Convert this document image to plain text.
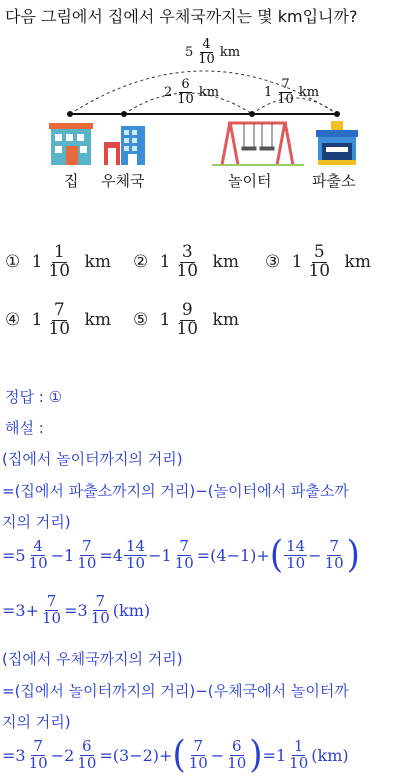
다음 그림에서 집에서 우체국까지는 몇 km입니까?
$5 \frac{4}{10}$ km
$2 \frac{6}{10}$ km	$1 \frac{7}{10}$ km
집 우체국	놀이터	파출소
①
$1 \frac{1}{10}$
km ②
$1 \frac{3}{10}$
km ③
$1 \frac{5}{10}$
km
④
$1 \frac{7}{10}$
km ⑤
$1 \frac{9}{10}$
km
정답 : ①
해설 :
(집에서 놀이터까지의 거리)
=(집에서 파출소까지의 거리)−(놀이터에서 파출소까
지의 거리)
= $5 \frac{4}{10} - 1 \frac{7}{10} = 4 \frac{14}{10} - 1 \frac{7}{10} = (4-1)$ + ( $\frac{14}{10} - \frac{7}{10}$ )
= $3 + \frac{7}{10} = 3 \frac{7}{10} (km)$
(집에서 우체국까지의 거리)
=(집에서 놀이터까지의 거리)−(우체국에서 놀이터까
지의 거리)
= $3 \frac{7}{10} - 2 \frac{6}{10} = (3-2)$ + ( $\frac{7}{10} - \frac{6}{10}$ ) = $1 \frac{1}{10} (km)$
